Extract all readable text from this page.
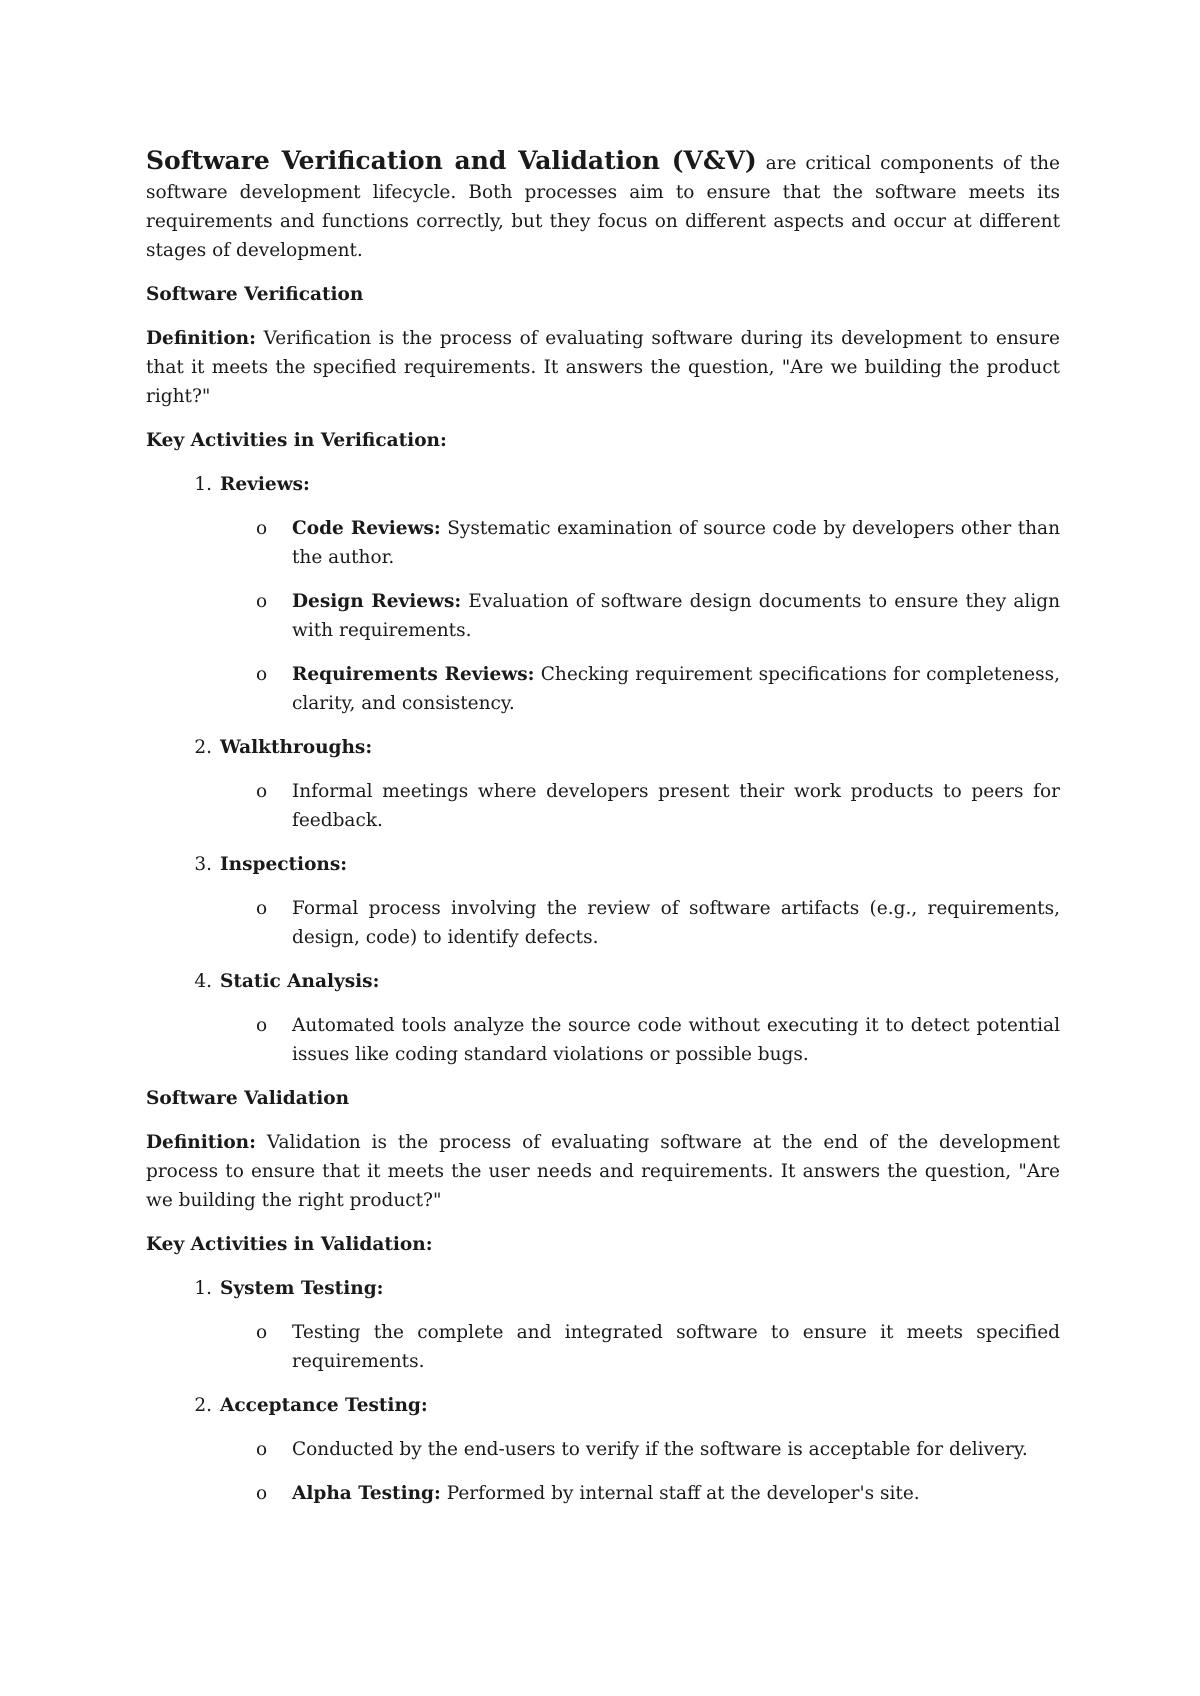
Software Verification and Validation (V&V) are critical components of the software development lifecycle. Both processes aim to ensure that the software meets its requirements and functions correctly, but they focus on different aspects and occur at different stages of development.

Software Verification

Definition: Verification is the process of evaluating software during its development to ensure that it meets the specified requirements. It answers the question, "Are we building the product right?"

Key Activities in Verification:
1. Reviews:
o Code Reviews: Systematic examination of source code by developers other than the author.
o Design Reviews: Evaluation of software design documents to ensure they align with requirements.
o Requirements Reviews: Checking requirement specifications for completeness, clarity, and consistency.
2. Walkthroughs:
o Informal meetings where developers present their work products to peers for feedback.
3. Inspections:
o Formal process involving the review of software artifacts (e.g., requirements, design, code) to identify defects.
4. Static Analysis:
o Automated tools analyze the source code without executing it to detect potential issues like coding standard violations or possible bugs.
Software Validation

Definition: Validation is the process of evaluating software at the end of the development process to ensure that it meets the user needs and requirements. It answers the question, "Are we building the right product?"

Key Activities in Validation:
1. System Testing:
o Testing the complete and integrated software to ensure it meets specified requirements.
2. Acceptance Testing:
o Conducted by the end-users to verify if the software is acceptable for delivery.
o Alpha Testing: Performed by internal staff at the developer's site.
